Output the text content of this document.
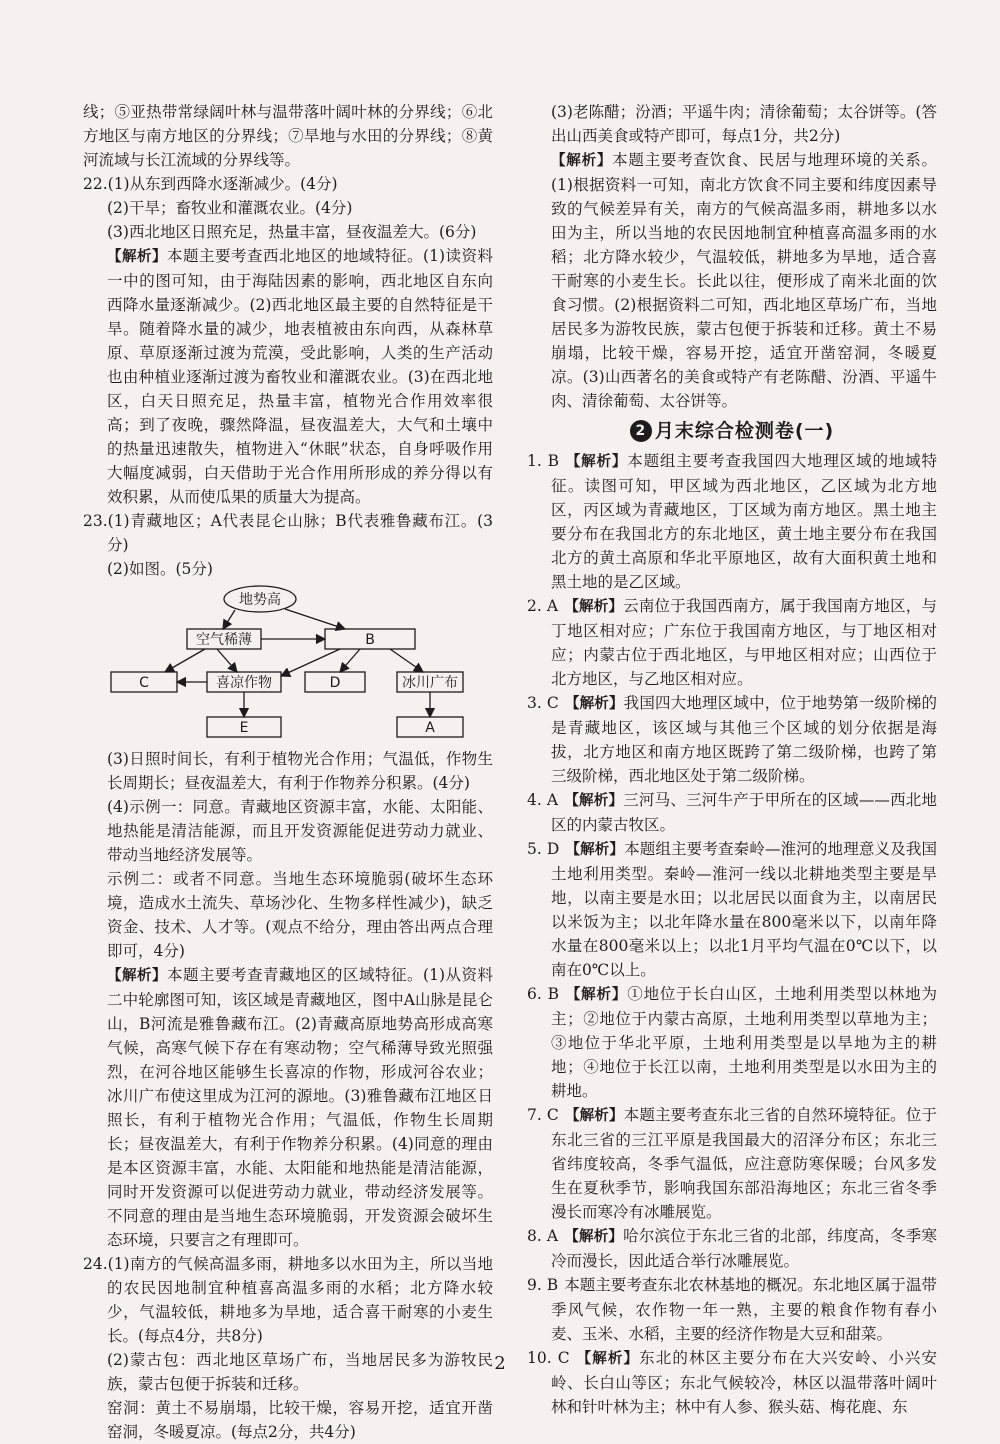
线；⑤亚热带常绿阔叶林与温带落叶阔叶林的分界线；⑥北方地区与南方地区的分界线；⑦旱地与水田的分界线；⑧黄河流域与长江流域的分界线等。

22.(1)从东到西降水逐渐减少。(4分)

(2)干旱；畜牧业和灌溉农业。(4分)

(3)西北地区日照充足，热量丰富，昼夜温差大。(6分)

【解析】本题主要考查西北地区的地域特征。(1)读资料一中的图可知，由于海陆因素的影响，西北地区自东向西降水量逐渐减少。(2)西北地区最主要的自然特征是干旱。随着降水量的减少，地表植被由东向西，从森林草原、草原逐渐过渡为荒漠，受此影响，人类的生产活动也由种植业逐渐过渡为畜牧业和灌溉农业。(3)在西北地区，白天日照充足，热量丰富，植物光合作用效率很高；到了夜晚，骤然降温，昼夜温差大，大气和土壤中的热量迅速散失，植物进入“休眠”状态，自身呼吸作用大幅度减弱，白天借助于光合作用所形成的养分得以有效积累，从而使瓜果的质量大为提高。

23.(1)青藏地区；A代表昆仑山脉；B代表雅鲁藏布江。(3分)

(2)如图。(5分)

地势高
空气稀薄	B
C	喜凉作物	D	冰川广布
E	A

(3)日照时间长，有利于植物光合作用；气温低，作物生长周期长；昼夜温差大，有利于作物养分积累。(4分)

(4)示例一：同意。青藏地区资源丰富，水能、太阳能、地热能是清洁能源，而且开发资源能促进劳动力就业、带动当地经济发展等。

示例二：或者不同意。当地生态环境脆弱(破坏生态环境，造成水土流失、草场沙化、生物多样性减少)，缺乏资金、技术、人才等。(观点不给分，理由答出两点合理即可，4分)

【解析】本题主要考查青藏地区的区域特征。(1)从资料二中轮廓图可知，该区域是青藏地区，图中A山脉是昆仑山，B河流是雅鲁藏布江。(2)青藏高原地势高形成高寒气候，高寒气候下存在有寒动物；空气稀薄导致光照强烈，在河谷地区能够生长喜凉的作物，形成河谷农业；冰川广布使这里成为江河的源地。(3)雅鲁藏布江地区日照长，有利于植物光合作用；气温低，作物生长周期长；昼夜温差大，有利于作物养分积累。(4)同意的理由是本区资源丰富，水能、太阳能和地热能是清洁能源，同时开发资源可以促进劳动力就业，带动经济发展等。不同意的理由是当地生态环境脆弱，开发资源会破坏生态环境，只要言之有理即可。

24.(1)南方的气候高温多雨，耕地多以水田为主，所以当地的农民因地制宜种植喜高温多雨的水稻；北方降水较少，气温较低，耕地多为旱地，适合喜干耐寒的小麦生长。(每点4分，共8分)

(2)蒙古包：西北地区草场广布，当地居民多为游牧民族，蒙古包便于拆装和迁移。

窑洞：黄土不易崩塌，比较干燥，容易开挖，适宜开凿窑洞，冬暖夏凉。(每点2分，共4分)

(3)老陈醋；汾酒；平遥牛肉；清徐葡萄；太谷饼等。(答出山西美食或特产即可，每点1分，共2分)

【解析】本题主要考查饮食、民居与地理环境的关系。(1)根据资料一可知，南北方饮食不同主要和纬度因素导致的气候差异有关，南方的气候高温多雨，耕地多以水田为主，所以当地的农民因地制宜种植喜高温多雨的水稻；北方降水较少，气温较低，耕地多为旱地，适合喜干耐寒的小麦生长。长此以往，便形成了南米北面的饮食习惯。(2)根据资料二可知，西北地区草场广布，当地居民多为游牧民族，蒙古包便于拆装和迁移。黄土不易崩塌，比较干燥，容易开挖，适宜开凿窑洞，冬暖夏凉。(3)山西著名的美食或特产有老陈醋、汾酒、平遥牛肉、清徐葡萄、太谷饼等。

2 月末综合检测卷(一)

1. B 【解析】本题组主要考查我国四大地理区域的地域特征。读图可知，甲区域为西北地区，乙区域为北方地区，丙区域为青藏地区，丁区域为南方地区。黑土地主要分布在我国北方的东北地区，黄土地主要分布在我国北方的黄土高原和华北平原地区，故有大面积黄土地和黑土地的是乙区域。

2. A 【解析】云南位于我国西南方，属于我国南方地区，与丁地区相对应；广东位于我国南方地区，与丁地区相对应；内蒙古位于西北地区，与甲地区相对应；山西位于北方地区，与乙地区相对应。

3. C 【解析】我国四大地理区域中，位于地势第一级阶梯的是青藏地区，该区域与其他三个区域的划分依据是海拔，北方地区和南方地区既跨了第二级阶梯，也跨了第三级阶梯，西北地区处于第二级阶梯。

4. A 【解析】三河马、三河牛产于甲所在的区域——西北地区的内蒙古牧区。

5. D 【解析】本题组主要考查秦岭—淮河的地理意义及我国土地利用类型。秦岭—淮河一线以北耕地类型主要是旱地，以南主要是水田；以北居民以面食为主，以南居民以米饭为主；以北年降水量在800毫米以下，以南年降水量在800毫米以上；以北1月平均气温在0℃以下，以南在0℃以上。

6. B 【解析】①地位于长白山区，土地利用类型以林地为主；②地位于内蒙古高原，土地利用类型以草地为主；③地位于华北平原，土地利用类型是以旱地为主的耕地；④地位于长江以南，土地利用类型是以水田为主的耕地。

7. C 【解析】本题主要考查东北三省的自然环境特征。位于东北三省的三江平原是我国最大的沼泽分布区；东北三省纬度较高，冬季气温低，应注意防寒保暖；台风多发生在夏秋季节，影响我国东部沿海地区；东北三省冬季漫长而寒冷有冰雕展览。

8. A 【解析】哈尔滨位于东北三省的北部，纬度高，冬季寒冷而漫长，因此适合举行冰雕展览。

9. B 本题主要考查东北农林基地的概况。东北地区属于温带季风气候，农作物一年一熟，主要的粮食作物有春小麦、玉米、水稻，主要的经济作物是大豆和甜菜。

10. C 【解析】东北的林区主要分布在大兴安岭、小兴安岭、长白山等区；东北气候较冷，林区以温带落叶阔叶林和针叶林为主；林中有人参、猴头菇、梅花鹿、东

2
